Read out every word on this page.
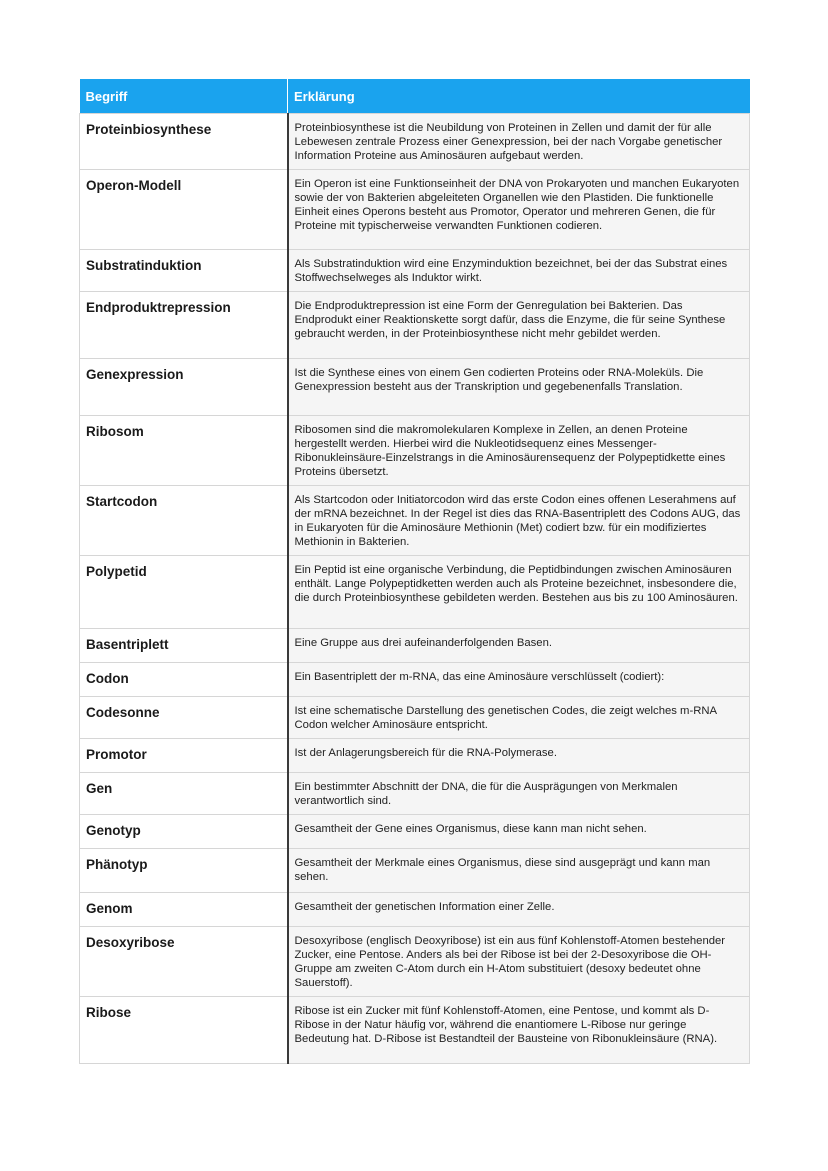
Begriff	Erklärung
Proteinbiosynthese	Proteinbiosynthese ist die Neubildung von Proteinen in Zellen und damit der für alle Lebewesen zentrale Prozess einer Genexpression, bei der nach Vorgabe genetischer Information Proteine aus Aminosäuren aufgebaut werden.
Operon-Modell	Ein Operon ist eine Funktionseinheit der DNA von Prokaryoten und manchen Eukaryoten sowie der von Bakterien abgeleiteten Organellen wie den Plastiden. Die funktionelle Einheit eines Operons besteht aus Promotor, Operator und mehreren Genen, die für Proteine mit typischerweise verwandten Funktionen codieren.
Substratinduktion	Als Substratinduktion wird eine Enzyminduktion bezeichnet, bei der das Substrat eines Stoffwechselweges als Induktor wirkt.
Endproduktrepression	Die Endproduktrepression ist eine Form der Genregulation bei Bakterien. Das Endprodukt einer Reaktionskette sorgt dafür, dass die Enzyme, die für seine Synthese gebraucht werden, in der Proteinbiosynthese nicht mehr gebildet werden.
Genexpression	Ist die Synthese eines von einem Gen codierten Proteins oder RNA-Moleküls. Die Genexpression besteht aus der Transkription und gegebenenfalls Translation.
Ribosom	Ribosomen sind die makromolekularen Komplexe in Zellen, an denen Proteine hergestellt werden. Hierbei wird die Nukleotidsequenz eines Messenger-Ribonukleinsäure-Einzelstrangs in die Aminosäurensequenz der Polypeptidkette eines Proteins übersetzt.
Startcodon	Als Startcodon oder Initiatorcodon wird das erste Codon eines offenen Leserahmens auf der mRNA bezeichnet. In der Regel ist dies das RNA-Basentriplett des Codons AUG, das in Eukaryoten für die Aminosäure Methionin (Met) codiert bzw. für ein modifiziertes Methionin in Bakterien.
Polypetid	Ein Peptid ist eine organische Verbindung, die Peptidbindungen zwischen Aminosäuren enthält. Lange Polypeptidketten werden auch als Proteine bezeichnet, insbesondere die, die durch Proteinbiosynthese gebildeten werden. Bestehen aus bis zu 100 Aminosäuren.
Basentriplett	Eine Gruppe aus drei aufeinanderfolgenden Basen.
Codon	Ein Basentriplett der m-RNA, das eine Aminosäure verschlüsselt (codiert):
Codesonne	Ist eine schematische Darstellung des genetischen Codes, die zeigt welches m-RNA Codon welcher Aminosäure entspricht.
Promotor	Ist der Anlagerungsbereich für die RNA-Polymerase.
Gen	Ein bestimmter Abschnitt der DNA, die für die Ausprägungen von Merkmalen verantwortlich sind.
Genotyp	Gesamtheit der Gene eines Organismus, diese kann man nicht sehen.
Phänotyp	Gesamtheit der Merkmale eines Organismus, diese sind ausgeprägt und kann man sehen.
Genom	Gesamtheit der genetischen Information einer Zelle.
Desoxyribose	Desoxyribose (englisch Deoxyribose) ist ein aus fünf Kohlenstoff-Atomen bestehender Zucker, eine Pentose. Anders als bei der Ribose ist bei der 2-Desoxyribose die OH-Gruppe am zweiten C-Atom durch ein H-Atom substituiert (desoxy bedeutet ohne Sauerstoff).
Ribose	Ribose ist ein Zucker mit fünf Kohlenstoff-Atomen, eine Pentose, und kommt als D-Ribose in der Natur häufig vor, während die enantiomere L-Ribose nur geringe Bedeutung hat. D-Ribose ist Bestandteil der Bausteine von Ribonukleinsäure (RNA).
